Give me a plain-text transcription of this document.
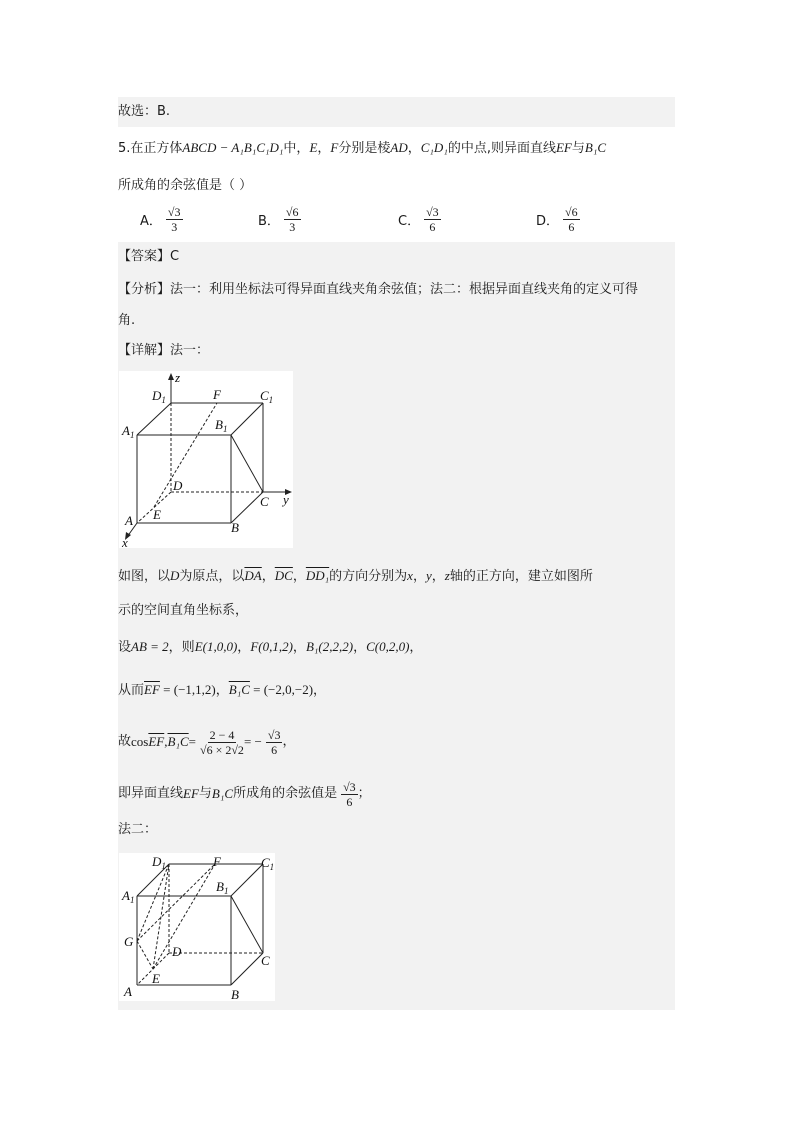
故选：B.
5.在正方体ABCD − A₁B₁C₁D₁中，E，F分别是棱AD，C₁D₁的中点,则异面直线EF与B₁C
所成角的余弦值是（ ）
A． $\frac{√3}{3}$	B． $\frac{√6}{3}$	C． $\frac{√3}{6}$	D． $\frac{√6}{6}$
【答案】C
【分析】法一：利用坐标法可得异面直线夹角余弦值；法二：根据异面直线夹角的定义可得
角.
【详解】法一：
z
y
x
$D_1$	F	$C_1$
$A_1$
$B_1$
D
E
C
A	B
如图，以D为原点，以$\overline{DA}$，$\overline{DC}$，DD₁的方向分别为x，y，z轴的正方向，建立如图所
示的空间直角坐标系，
设AB = 2，则E(1,0,0)，F(0,1,2)，B₁(2,2,2)，C(0,2,0)，
从而$\overline{EF} = (-1,1,2)$，B₁C = (−2,0,−2)，
故 $\cos \overline{EF}$ , $B_1C = \frac{2 - 4}{√6 \times 2√2}$ = − $\frac{√3}{6}$ ，
即异面直线 EF 与 B₁C 所成角的余弦值是 $\frac{√3}{6}$ ；
法二：
$D_1$	F	$C_1$
$A_1$
$B_1$
G
D
C
E
A	B
